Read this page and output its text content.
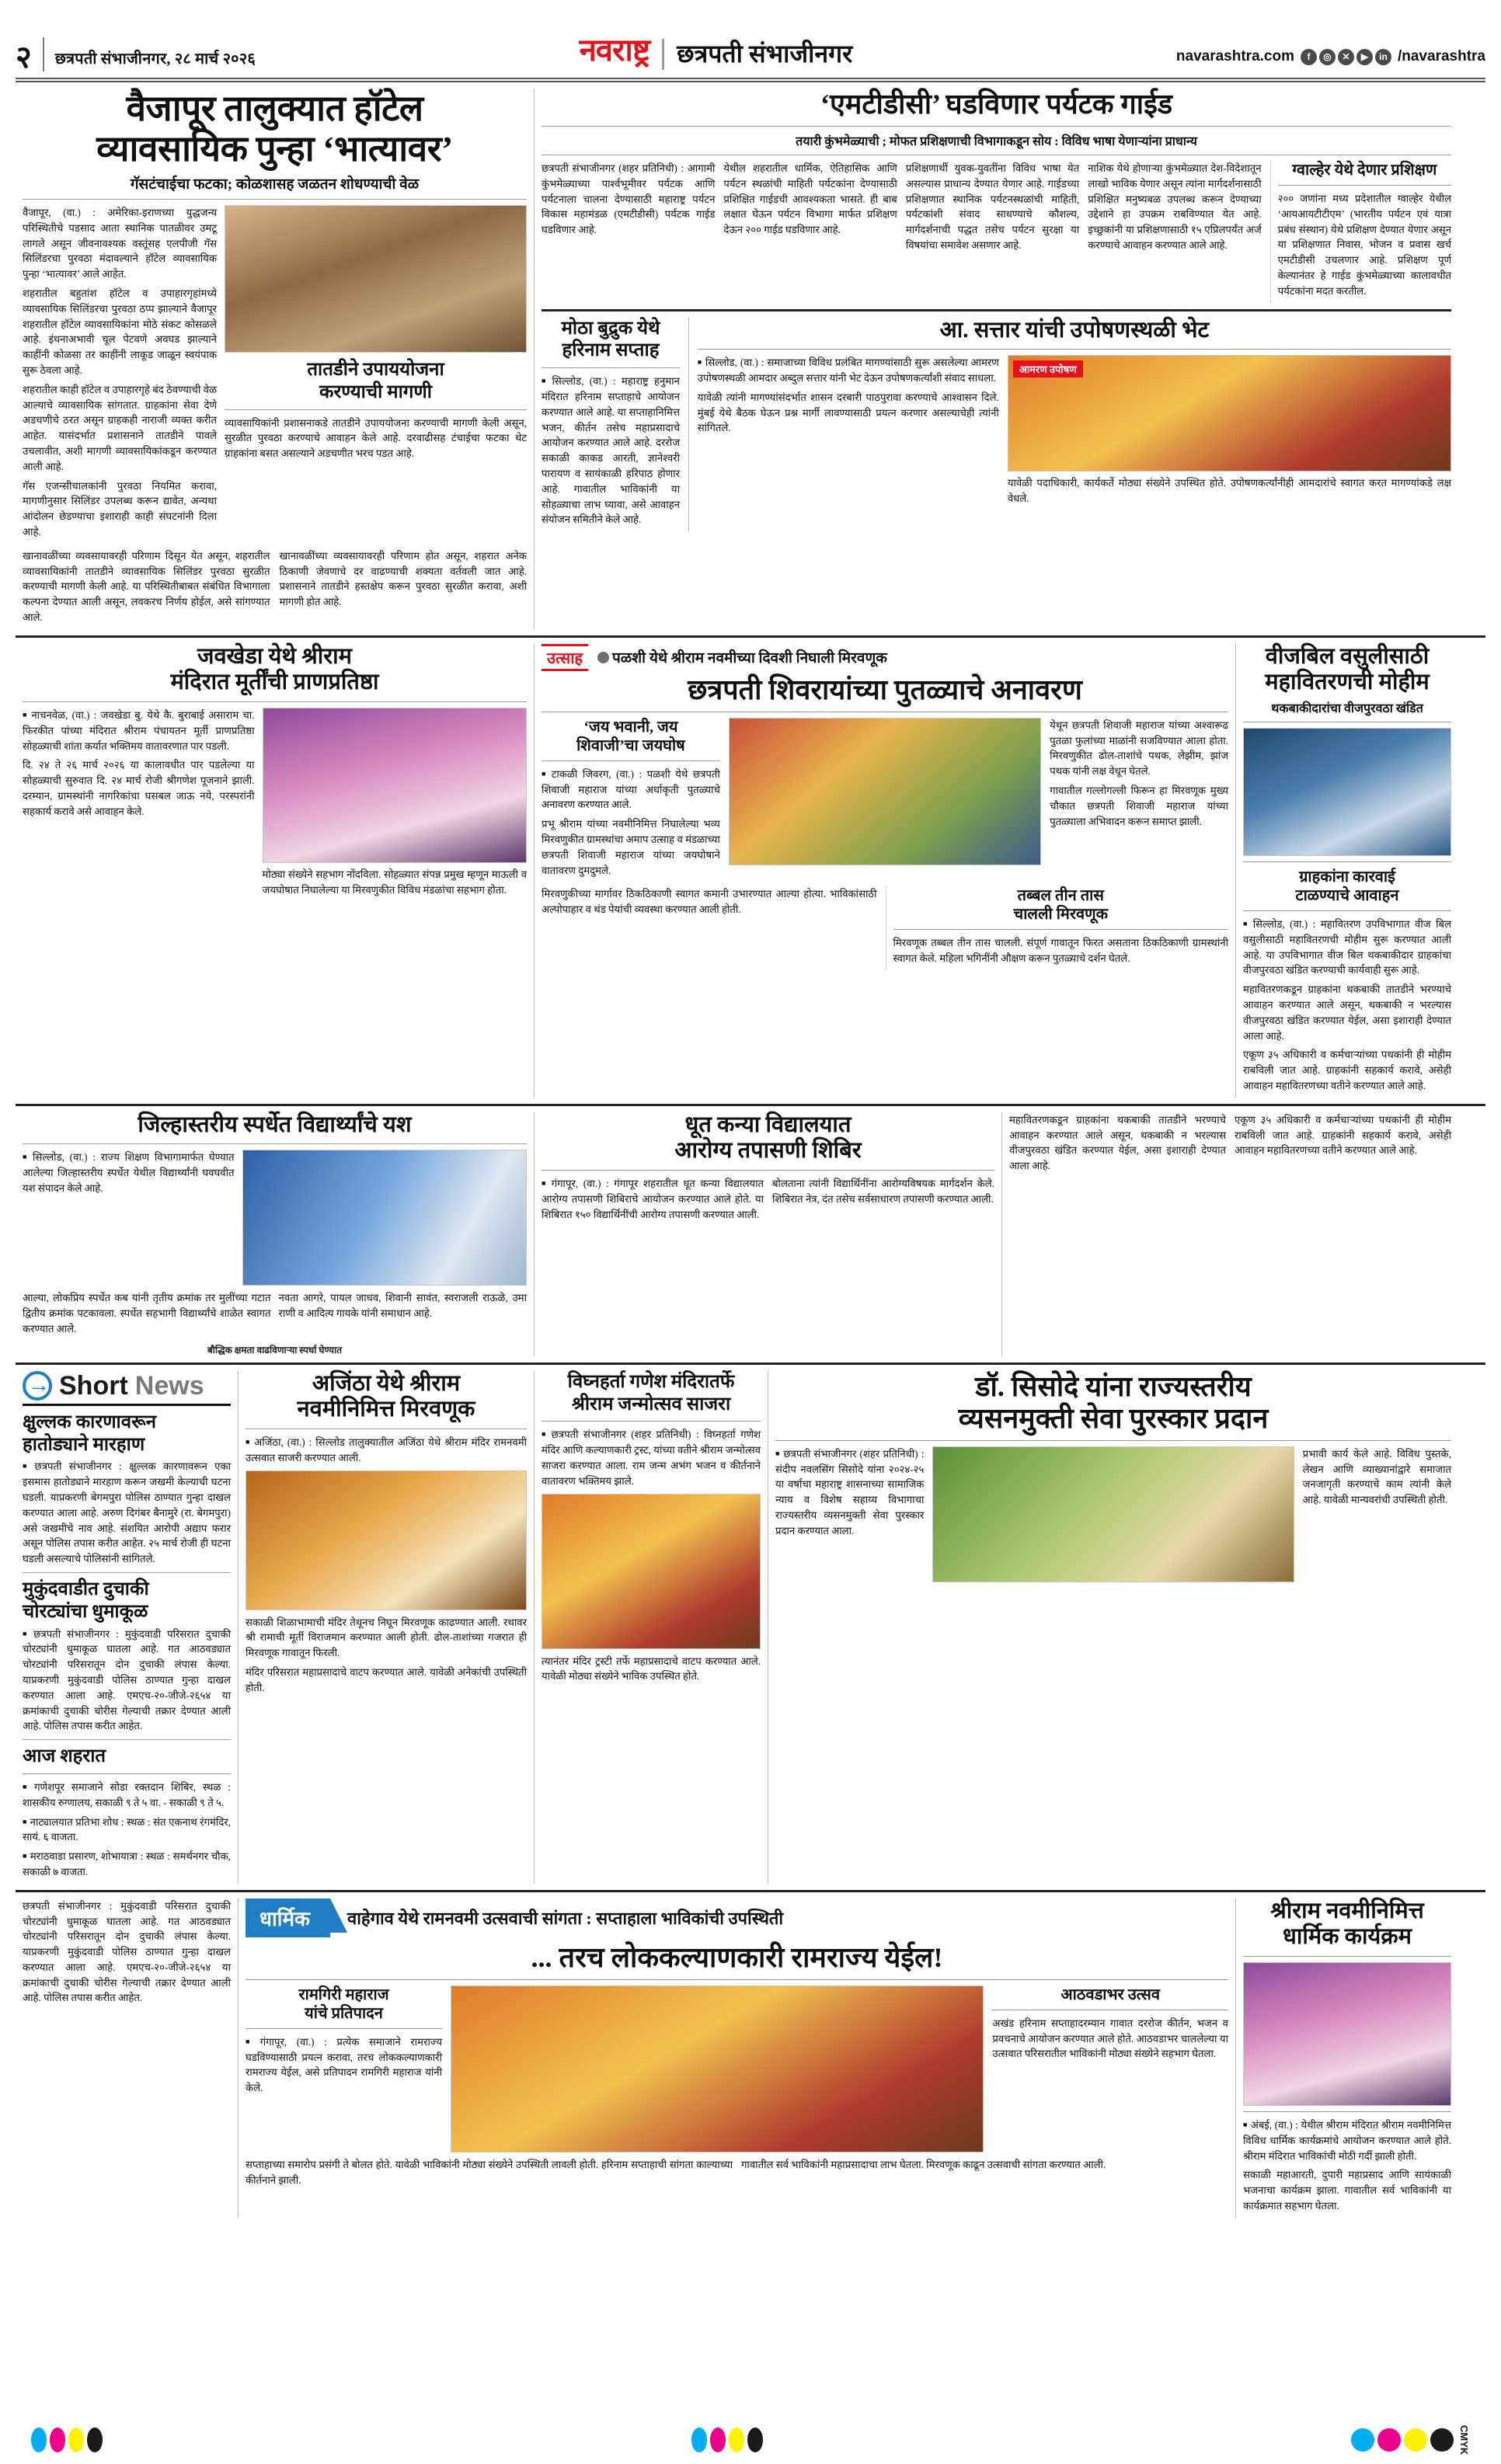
२ छत्रपती संभाजीनगर, २८ मार्च २०२६	नवराष्ट्र छत्रपती संभाजीनगर	navarashtra.com	f	◎	✕	▶	in /navarashtra
वैजापूर तालुक्यात हॉटेल
व्यावसायिक पुन्हा ‘भात्यावर’
गॅसटंचाईचा फटका; कोळशासह जळतन शोधण्याची वेळ

वैजापूर, (वा.) : अमेरिका-इराणच्या युद्धजन्य परिस्थितीचे पडसाद आता स्थानिक पातळीवर उमटू लागले असून जीवनावश्यक वस्तूंसह एलपीजी गॅस सिलिंडरचा पुरवठा मंदावल्याने हॉटेल व्यावसायिक पुन्हा ‘भात्यावर’ आले आहेत.

शहरातील बहुतांश हॉटेल व उपाहारगृहांमध्ये व्यावसायिक सिलिंडरचा पुरवठा ठप्प झाल्याने वैजापूर शहरातील हॉटेल व्यावसायिकांना मोठे संकट कोसळले आहे. इंधनाअभावी चूल पेटवणे अवघड झाल्याने काहींनी कोळसा तर काहींनी लाकूड जाळून स्वयंपाक सुरू ठेवला आहे.

शहरातील काही हॉटेल व उपाहारगृहे बंद ठेवण्याची वेळ आल्याचे व्यावसायिक सांगतात. ग्राहकांना सेवा देणे अडचणीचे ठरत असून ग्राहकही नाराजी व्यक्त करीत आहेत. यासंदर्भात प्रशासनाने तातडीने पावले उचलावीत, अशी मागणी व्यावसायिकांकडून करण्यात आली आहे.

गॅस एजन्सीचालकांनी पुरवठा नियमित करावा, मागणीनुसार सिलिंडर उपलब्ध करून द्यावेत, अन्यथा आंदोलन छेडण्याचा इशाराही काही संघटनांनी दिला आहे.

तातडीने उपाययोजना
करण्याची मागणी

व्यावसायिकांनी प्रशासनाकडे तातडीने उपाययोजना करण्याची मागणी केली असून, सुरळीत पुरवठा करण्याचे आवाहन केले आहे. दरवाढीसह टंचाईचा फटका थेट ग्राहकांना बसत असल्याने अडचणीत भरच पडत आहे.

खानावळींच्या व्यवसायावरही परिणाम दिसून येत असून, शहरातील व्यावसायिकांनी तातडीने व्यावसायिक सिलिंडर पुरवठा सुरळीत करण्याची मागणी केली आहे. या परिस्थितीबाबत संबंधित विभागाला कल्पना देण्यात आली असून, लवकरच निर्णय होईल, असे सांगण्यात आले.

खानावळींच्या व्यवसायावरही परिणाम होत असून, शहरात अनेक ठिकाणी जेवणाचे दर वाढण्याची शक्यता वर्तवली जात आहे. प्रशासनाने तातडीने हस्तक्षेप करून पुरवठा सुरळीत करावा, अशी मागणी होत आहे.

‘एमटीडीसी’ घडविणार पर्यटक गाईड
तयारी कुंभमेळ्याची ; मोफत प्रशिक्षणाची विभागाकडून सोय : विविध भाषा येणाऱ्यांना प्राधान्य

छत्रपती संभाजीनगर (शहर प्रतिनिधी) : आगामी कुंभमेळ्याच्या पार्श्वभूमीवर पर्यटक आणि पर्यटनाला चालना देण्यासाठी महाराष्ट्र पर्यटन विकास महामंडळ (एमटीडीसी) पर्यटक गाईड घडविणार आहे.

येथील शहरातील धार्मिक, ऐतिहासिक आणि पर्यटन स्थळांची माहिती पर्यटकांना देण्यासाठी प्रशिक्षित गाईडची आवश्यकता भासते. ही बाब लक्षात घेऊन पर्यटन विभागा मार्फत प्रशिक्षण देऊन २०० गाईड घडविणार आहे.

प्रशिक्षणार्थी युवक-युवतींना विविध भाषा येत असल्यास प्राधान्य देण्यात येणार आहे. गाईडच्या प्रशिक्षणात स्थानिक पर्यटनस्थळांची माहिती, पर्यटकांशी संवाद साधण्याचे कौशल्य, मार्गदर्शनाची पद्धत तसेच पर्यटन सुरक्षा या विषयांचा समावेश असणार आहे.

नाशिक येथे होणाऱ्या कुंभमेळ्यात देश-विदेशातून लाखो भाविक येणार असून त्यांना मार्गदर्शनासाठी प्रशिक्षित मनुष्यबळ उपलब्ध करून देण्याच्या उद्देशाने हा उपक्रम राबविण्यात येत आहे. इच्छुकांनी या प्रशिक्षणासाठी १५ एप्रिलपर्यंत अर्ज करण्याचे आवाहन करण्यात आले आहे.

ग्वाल्हेर येथे देणार प्रशिक्षण

२०० जणांना मध्य प्रदेशातील ग्वाल्हेर येथील ‘आयआयटीटीएम’ (भारतीय पर्यटन एवं यात्रा प्रबंध संस्थान) येथे प्रशिक्षण देण्यात येणार असून या प्रशिक्षणात निवास, भोजन व प्रवास खर्च एमटीडीसी उचलणार आहे. प्रशिक्षण पूर्ण केल्यानंतर हे गाईड कुंभमेळ्याच्या कालावधीत पर्यटकांना मदत करतील.

मोठा बुद्रुक येथे
हरिनाम सप्ताह

■ सिल्लोड, (वा.) : महाराष्ट्र हनुमान मंदिरात हरिनाम सप्ताहाचे आयोजन करण्यात आले आहे. या सप्ताहानिमित्त भजन, कीर्तन तसेच महाप्रसादाचे आयोजन करण्यात आले आहे. दररोज सकाळी काकड आरती, ज्ञानेश्वरी पारायण व सायंकाळी हरिपाठ होणार आहे. गावातील भाविकांनी या सोहळ्याचा लाभ घ्यावा, असे आवाहन संयोजन समितीने केले आहे.

आ. सत्तार यांची उपोषणस्थळी भेट

■ सिल्लोड, (वा.) : समाजाच्या विविध प्रलंबित मागण्यांसाठी सुरू असलेल्या आमरण उपोषणस्थळी आमदार अब्दुल सत्तार यांनी भेट देऊन उपोषणकर्त्यांशी संवाद साधला.

यावेळी त्यांनी मागण्यांसंदर्भात शासन दरबारी पाठपुरावा करण्याचे आश्वासन दिले. मुंबई येथे बैठक घेऊन प्रश्न मार्गी लावण्यासाठी प्रयत्न करणार असल्याचेही त्यांनी सांगितले.

आमरण उपोषण

यावेळी पदाधिकारी, कार्यकर्ते मोठ्या संख्येने उपस्थित होते. उपोषणकर्त्यांनीही आमदारांचे स्वागत करत मागण्यांकडे लक्ष वेधले.

जवखेडा येथे श्रीराम
मंदिरात मूर्तींची प्राणप्रतिष्ठा

■ नाचनवेळ, (वा.) : जवखेडा बु. येथे कै. बुराबाई असाराम चा. फिरकीत पांच्या मंदिरात श्रीराम पंचायतन मूर्ती प्राणप्रतिष्ठा सोहळ्याची शांता कर्यात भक्तिमय वातावरणात पार पडली.

दि. २४ ते २६ मार्च २०२६ या कालावधीत पार पडलेल्या या सोहळ्याची सुरुवात दि. २४ मार्च रोजी श्रीगणेश पूजनाने झाली. दरम्यान, ग्रामस्थांनी नागरिकांचा घसबल जाऊ नये, परस्परांनी सहकार्य करावे असे आवाहन केले.

मोठ्या संख्येने सहभाग नोंदविला. सोहळ्यात संपन्न प्रमुख म्हणून माऊली व जयघोषात निघालेल्या या मिरवणुकीत विविध मंडळांचा सहभाग होता.

उत्साह	पळशी येथे श्रीराम नवमीच्या दिवशी निघाली मिरवणूक
छत्रपती शिवरायांच्या पुतळ्याचे अनावरण
‘जय भवानी, जय
शिवाजी’चा जयघोष

■ टाकळी जिवरग, (वा.) : पळशी येथे छत्रपती शिवाजी महाराज यांच्या अर्धाकृती पुतळ्याचे अनावरण करण्यात आले.

प्रभू श्रीराम यांच्या नवमीनिमित्त निघालेल्या भव्य मिरवणुकीत ग्रामस्थांचा अमाप उत्साह व मंडळाच्या छत्रपती शिवाजी महाराज यांच्या जयघोषाने वातावरण दुमदुमले.

येथून छत्रपती शिवाजी महाराज यांच्या अश्वारूढ पुतळा फुलांच्या माळांनी सजविण्यात आला होता. मिरवणुकीत ढोल-ताशांचे पथक, लेझीम, झांज पथक यांनी लक्ष वेधून घेतले.

गावातील गल्लोगल्ली फिरून हा मिरवणूक मुख्य चौकात छत्रपती शिवाजी महाराज यांच्या पुतळ्याला अभिवादन करून समाप्त झाली.

मिरवणुकीच्या मार्गावर ठिकठिकाणी स्वागत कमानी उभारण्यात आल्या होत्या. भाविकांसाठी अल्पोपाहार व थंड पेयांची व्यवस्था करण्यात आली होती.

तब्बल तीन तास
चालली मिरवणूक

मिरवणूक तब्बल तीन तास चालली. संपूर्ण गावातून फिरत असताना ठिकठिकाणी ग्रामस्थांनी स्वागत केले. महिला भगिनींनी औक्षण करून पुतळ्याचे दर्शन घेतले.

वीजबिल वसुलीसाठी
महावितरणची मोहीम
थकबाकीदारांचा वीजपुरवठा खंडित
ग्राहकांना कारवाई
टाळण्याचे आवाहन

■ सिल्लोड, (वा.) : महावितरण उपविभागात वीज बिल वसुलीसाठी महावितरणची मोहीम सुरू करण्यात आली आहे. या उपविभागात वीज बिल थकबाकीदार ग्राहकांचा वीजपुरवठा खंडित करण्याची कार्यवाही सुरू आहे.

महावितरणकडून ग्राहकांना थकबाकी तातडीने भरण्याचे आवाहन करण्यात आले असून, थकबाकी न भरल्यास वीजपुरवठा खंडित करण्यात येईल, असा इशाराही देण्यात आला आहे.

एकूण ३५ अधिकारी व कर्मचाऱ्यांच्या पथकांनी ही मोहीम राबविली जात आहे. ग्राहकांनी सहकार्य करावे, असेही आवाहन महावितरणच्या वतीने करण्यात आले आहे.

जिल्हास्तरीय स्पर्धेत विद्यार्थ्यांचे यश

■ सिल्लोड, (वा.) : राज्य शिक्षण विभागामार्फत घेण्यात आलेल्या जिल्हास्तरीय स्पर्धेत येथील विद्यार्थ्यांनी घवघवीत यश संपादन केले आहे.

आल्या, लोकप्रिय स्पर्धेत कब यांनी तृतीय क्रमांक तर मुलींच्या गटात द्वितीय क्रमांक पटकावला. स्पर्धेत सहभागी विद्यार्थ्यांचे शाळेत स्वागत करण्यात आले.

नवता आगरे, पायल जाधव, शिवानी सावंत, स्वराजली राऊळे, उमा राणी व आदित्य गायके यांनी समाधान आहे.

बौद्धिक क्षमता वाढविणाऱ्या स्पर्धा घेण्यात
धूत कन्या विद्यालयात
आरोग्य तपासणी शिबिर

■ गंगापूर, (वा.) : गंगापूर शहरातील धूत कन्या विद्यालयात आरोग्य तपासणी शिबिराचे आयोजन करण्यात आले होते. या शिबिरात १५० विद्यार्थिनींची आरोग्य तपासणी करण्यात आली.

बोलताना त्यांनी विद्यार्थिनींना आरोग्यविषयक मार्गदर्शन केले. शिबिरात नेत्र, दंत तसेच सर्वसाधारण तपासणी करण्यात आली.

महावितरणकडून ग्राहकांना थकबाकी तातडीने भरण्याचे आवाहन करण्यात आले असून, थकबाकी न भरल्यास वीजपुरवठा खंडित करण्यात येईल, असा इशाराही देण्यात आला आहे.

एकूण ३५ अधिकारी व कर्मचाऱ्यांच्या पथकांनी ही मोहीम राबविली जात आहे. ग्राहकांनी सहकार्य करावे, असेही आवाहन महावितरणच्या वतीने करण्यात आले आहे.

→
Short News
क्षुल्लक कारणावरून
हातोड्याने मारहाण

■ छत्रपती संभाजीनगर : क्षुल्लक कारणावरून एका इसमास हातोड्याने मारहाण करून जखमी केल्याची घटना घडली. याप्रकरणी बेगमपुरा पोलिस ठाण्यात गुन्हा दाखल करण्यात आला आहे. अरुण दिगंबर बैनामुरे (रा. बेगमपुरा) असे जखमीचे नाव आहे. संशयित आरोपी अद्याप फरार असून पोलिस तपास करीत आहेत. २५ मार्च रोजी ही घटना घडली असल्याचे पोलिसांनी सांगितले.

मुकुंदवाडीत दुचाकी
चोरट्यांचा धुमाकूळ

■ छत्रपती संभाजीनगर : मुकुंदवाडी परिसरात दुचाकी चोरट्यांनी धुमाकूळ घातला आहे. गत आठवड्यात चोरट्यांनी परिसरातून दोन दुचाकी लंपास केल्या. याप्रकरणी मुकुंदवाडी पोलिस ठाण्यात गुन्हा दाखल करण्यात आला आहे. एमएच-२०-जीजे-२६५४ या क्रमांकाची दुचाकी चोरीस गेल्याची तक्रार देण्यात आली आहे. पोलिस तपास करीत आहेत.

आज शहरात

■ गणेशपूर समाजाने सोडा रक्तदान शिबिर, स्थळ : शासकीय रुग्णालय, सकाळी ९ ते ५ वा. - सकाळी ९ ते ५.

■ नाट्यालयात प्रतिभा शोध : स्थळ : संत एकनाथ रंगमंदिर, सायं. ६ वाजता.

■ मराठवाडा प्रसारण, शोभायात्रा : स्थळ : समर्थनगर चौक, सकाळी ७ वाजता.

अजिंठा येथे श्रीराम
नवमीनिमित्त मिरवणूक

■ अजिंठा, (वा.) : सिल्लोड तालुक्यातील अजिंठा येथे श्रीराम मंदिर रामनवमी उत्सवात साजरी करण्यात आली.

सकाळी शिळाभामाची मंदिर तेथूनच निघून मिरवणूक काढण्यात आली. रथावर श्री रामाची मूर्ती विराजमान करण्यात आली होती. ढोल-ताशांच्या गजरात ही मिरवणूक गावातून फिरली.

मंदिर परिसरात महाप्रसादाचे वाटप करण्यात आले. यावेळी अनेकांची उपस्थिती होती.

विघ्नहर्ता गणेश मंदिरातर्फे
श्रीराम जन्मोत्सव साजरा

■ छत्रपती संभाजीनगर (शहर प्रतिनिधी) : विघ्नहर्ता गणेश मंदिर आणि कल्याणकारी ट्रस्ट, यांच्या वतीने श्रीराम जन्मोत्सव साजरा करण्यात आला. राम जन्म अभंग भजन व कीर्तनाने वातावरण भक्तिमय झाले.

त्यानंतर मंदिर ट्रस्टी तर्फे महाप्रसादाचे वाटप करण्यात आले. यावेळी मोठ्या संख्येने भाविक उपस्थित होते.

डॉ. सिसोदे यांना राज्यस्तरीय
व्यसनमुक्ती सेवा पुरस्कार प्रदान

■ छत्रपती संभाजीनगर (शहर प्रतिनिधी) : संदीप नवलसिंग सिसोदे यांना २०२४-२५ या वर्षाचा महाराष्ट्र शासनाच्या सामाजिक न्याय व विशेष सहाय्य विभागाचा राज्यस्तरीय व्यसनमुक्ती सेवा पुरस्कार प्रदान करण्यात आला.

प्रभावी कार्य केले आहे. विविध पुस्तके, लेखन आणि व्याख्यानांद्वारे समाजात जनजागृती करण्याचे काम त्यांनी केले आहे. यावेळी मान्यवरांची उपस्थिती होती.

छत्रपती संभाजीनगर : मुकुंदवाडी परिसरात दुचाकी चोरट्यांनी धुमाकूळ घातला आहे. गत आठवड्यात चोरट्यांनी परिसरातून दोन दुचाकी लंपास केल्या. याप्रकरणी मुकुंदवाडी पोलिस ठाण्यात गुन्हा दाखल करण्यात आला आहे. एमएच-२०-जीजे-२६५४ या क्रमांकाची दुचाकी चोरीस गेल्याची तक्रार देण्यात आली आहे. पोलिस तपास करीत आहेत.

धार्मिक	वाहेगाव येथे रामनवमी उत्सवाची सांगता : सप्ताहाला भाविकांची उपस्थिती
... तरच लोककल्याणकारी रामराज्य येईल!
रामगिरी महाराज
यांचे प्रतिपादन

■ गंगापूर, (वा.) : प्रत्येक समाजाने रामराज्य घडविण्यासाठी प्रयत्न करावा, तरच लोककल्याणकारी रामराज्य येईल, असे प्रतिपादन रामगिरी महाराज यांनी केले.

आठवडाभर उत्सव

अखंड हरिनाम सप्ताहादरम्यान गावात दररोज कीर्तन, भजन व प्रवचनाचे आयोजन करण्यात आले होते. आठवडाभर चाललेल्या या उत्सवात परिसरातील भाविकांनी मोठ्या संख्येने सहभाग घेतला.

सप्ताहाच्या समारोप प्रसंगी ते बोलत होते. यावेळी भाविकांनी मोठ्या संख्येने उपस्थिती लावली होती. हरिनाम सप्ताहाची सांगता काल्याच्या कीर्तनाने झाली.

गावातील सर्व भाविकांनी महाप्रसादाचा लाभ घेतला. मिरवणूक काढून उत्सवाची सांगता करण्यात आली.

श्रीराम नवमीनिमित्त
धार्मिक कार्यक्रम

■ अंबई, (वा.) : येथील श्रीराम मंदिरात श्रीराम नवमीनिमित्त विविध धार्मिक कार्यक्रमांचे आयोजन करण्यात आले होते. श्रीराम मंदिरात भाविकांची मोठी गर्दी झाली होती.

सकाळी महाआरती, दुपारी महाप्रसाद आणि सायंकाळी भजनाचा कार्यक्रम झाला. गावातील सर्व भाविकांनी या कार्यक्रमात सहभाग घेतला.

CMYK
